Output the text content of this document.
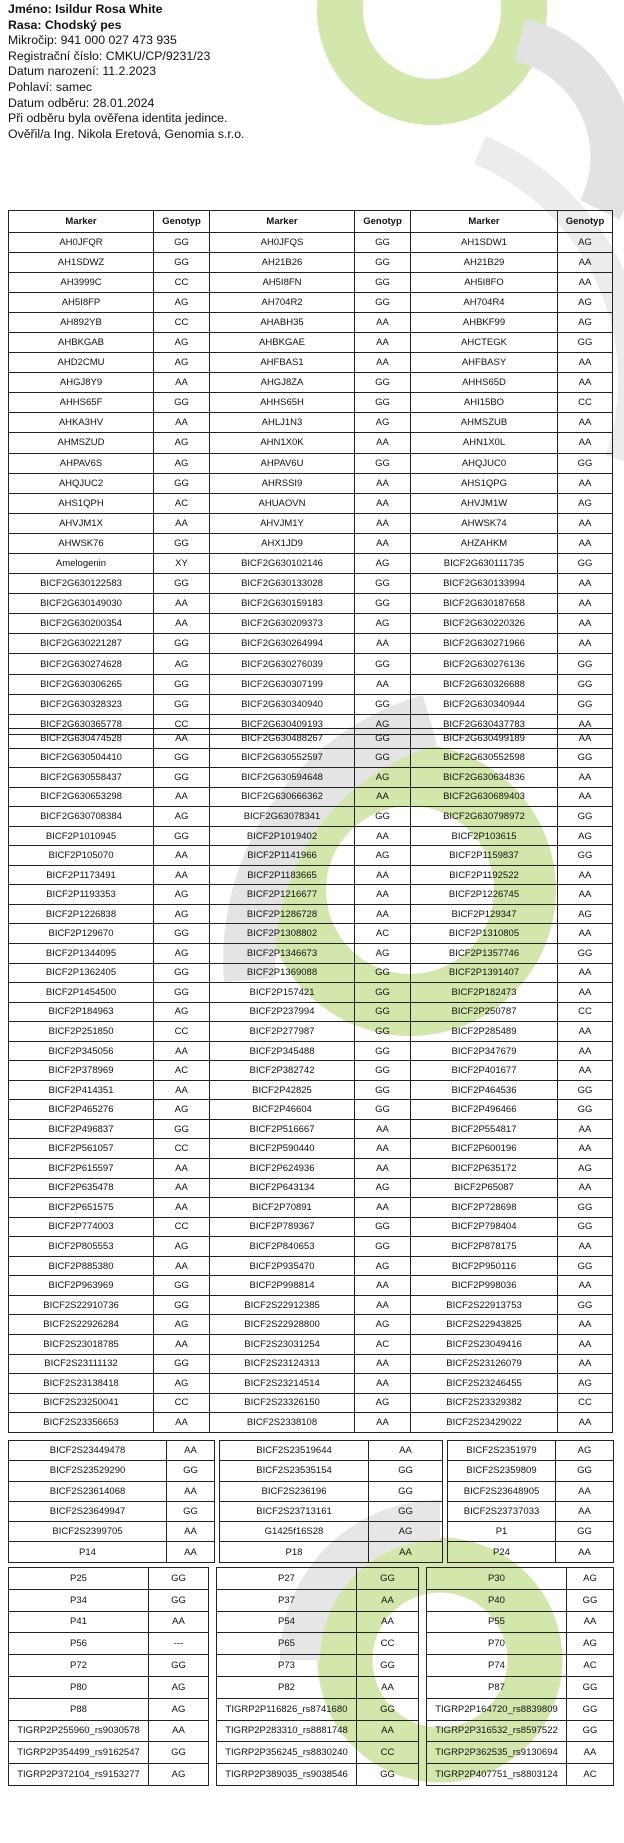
Jméno: Isildur Rosa White
Rasa: Chodský pes
Mikročip: 941 000 027 473 935
Registrační číslo: CMKU/CP/9231/23
Datum narození: 11.2.2023
Pohlaví: samec
Datum odběru: 28.01.2024
Při odběru byla ověřena identita jedince.
Ověřil/a Ing. Nikola Eretová, Genomia s.r.o.
Marker	Genotyp	Marker	Genotyp	Marker	Genotyp
AH0JFQR	GG	AH0JFQS	GG	AH1SDW1	AG
AH1SDWZ	GG	AH21B26	GG	AH21B29	AA
AH3999C	CC	AH5I8FN	GG	AH5I8FO	AA
AH5I8FP	AG	AH704R2	GG	AH704R4	AG
AH892YB	CC	AHABH35	AA	AHBKF99	AG
AHBKGAB	AG	AHBKGAE	AA	AHCTEGK	GG
AHD2CMU	AG	AHFBAS1	AA	AHFBASY	AA
AHGJ8Y9	AA	AHGJ8ZA	GG	AHHS65D	AA
AHHS65F	GG	AHHS65H	GG	AHI15BO	CC
AHKA3HV	AA	AHLJ1N3	AG	AHMSZUB	AA
AHMSZUD	AG	AHN1X0K	AA	AHN1X0L	AA
AHPAV6S	AG	AHPAV6U	GG	AHQJUC0	GG
AHQJUC2	GG	AHRSSI9	AA	AHS1QPG	AA
AHS1QPH	AC	AHUAOVN	AA	AHVJM1W	AG
AHVJM1X	AA	AHVJM1Y	AA	AHWSK74	AA
AHWSK76	GG	AHX1JD9	AA	AHZAHKM	AA
Amelogenin	XY	BICF2G630102146	AG	BICF2G630111735	GG
BICF2G630122583	GG	BICF2G630133028	GG	BICF2G630133994	AA
BICF2G630149030	AA	BICF2G630159183	GG	BICF2G630187658	AA
BICF2G630200354	AA	BICF2G630209373	AG	BICF2G630220326	AA
BICF2G630221287	GG	BICF2G630264994	AA	BICF2G630271966	AA
BICF2G630274628	AG	BICF2G630276039	GG	BICF2G630276136	GG
BICF2G630306265	GG	BICF2G630307199	AA	BICF2G630326688	GG
BICF2G630328323	GG	BICF2G630340940	GG	BICF2G630340944	GG
BICF2G630365778	CC	BICF2G630409193	AG	BICF2G630437783	AA
BICF2G630474528	AA	BICF2G630488267	GG	BICF2G630499189	AA
BICF2G630504410	GG	BICF2G630552597	GG	BICF2G630552598	GG
BICF2G630558437	GG	BICF2G630594648	AG	BICF2G630634836	AA
BICF2G630653298	AA	BICF2G630666362	AA	BICF2G630689403	AA
BICF2G630708384	AG	BICF2G63078341	GG	BICF2G630798972	GG
BICF2P1010945	GG	BICF2P1019402	AA	BICF2P103615	AG
BICF2P105070	AA	BICF2P1141966	AG	BICF2P1159837	GG
BICF2P1173491	AA	BICF2P1183665	AA	BICF2P1192522	AA
BICF2P1193353	AG	BICF2P1216677	AA	BICF2P1226745	AA
BICF2P1226838	AG	BICF2P1286728	AA	BICF2P129347	AG
BICF2P129670	GG	BICF2P1308802	AC	BICF2P1310805	AA
BICF2P1344095	AG	BICF2P1346673	AG	BICF2P1357746	GG
BICF2P1362405	GG	BICF2P1369088	GG	BICF2P1391407	AA
BICF2P1454500	GG	BICF2P157421	GG	BICF2P182473	AA
BICF2P184963	AG	BICF2P237994	GG	BICF2P250787	CC
BICF2P251850	CC	BICF2P277987	GG	BICF2P285489	AA
BICF2P345056	AA	BICF2P345488	GG	BICF2P347679	AA
BICF2P378969	AC	BICF2P382742	GG	BICF2P401677	AA
BICF2P414351	AA	BICF2P42825	GG	BICF2P464536	GG
BICF2P465276	AG	BICF2P46604	GG	BICF2P496466	GG
BICF2P496837	GG	BICF2P516667	AA	BICF2P554817	AA
BICF2P561057	CC	BICF2P590440	AA	BICF2P600196	AA
BICF2P615597	AA	BICF2P624936	AA	BICF2P635172	AG
BICF2P635478	AA	BICF2P643134	AG	BICF2P65087	AA
BICF2P651575	AA	BICF2P70891	AA	BICF2P728698	GG
BICF2P774003	CC	BICF2P789367	GG	BICF2P798404	GG
BICF2P805553	AG	BICF2P840653	GG	BICF2P878175	AA
BICF2P885380	AA	BICF2P935470	AG	BICF2P950116	GG
BICF2P963969	GG	BICF2P998814	AA	BICF2P998036	AA
BICF2S22910736	GG	BICF2S22912385	AA	BICF2S22913753	GG
BICF2S22926284	AG	BICF2S22928800	AG	BICF2S22943825	AA
BICF2S23018785	AA	BICF2S23031254	AC	BICF2S23049416	AA
BICF2S23111132	GG	BICF2S23124313	AA	BICF2S23126079	AA
BICF2S23138418	AG	BICF2S23214514	AA	BICF2S23246455	AG
BICF2S23250041	CC	BICF2S23326150	AG	BICF2S23329382	CC
BICF2S23356653	AA	BICF2S2338108	AA	BICF2S23429022	AA
BICF2S23449478	AA		BICF2S23519644	AA		BICF2S2351979	AG
BICF2S23529290	GG		BICF2S23535154	GG		BICF2S2359809	GG
BICF2S23614068	AA		BICF2S236196	GG		BICF2S23648905	AA
BICF2S23649947	GG		BICF2S23713161	GG		BICF2S23737033	AA
BICF2S2399705	AA		G1425f16S28	AG		P1	GG
P14	AA		P18	AA		P24	AA
P25	GG		P27	GG		P30	AG
P34	GG		P37	AA		P40	GG
P41	AA		P54	AA		P55	AA
P56	---		P65	CC		P70	AG
P72	GG		P73	GG		P74	AC
P80	AG		P82	AA		P87	GG
P88	AG		TIGRP2P116826_rs8741680	GG		TIGRP2P164720_rs8839809	GG
TIGRP2P255960_rs9030578	AA		TIGRP2P283310_rs8881748	AA		TIGRP2P316532_rs8597522	GG
TIGRP2P354499_rs9162547	GG		TIGRP2P356245_rs8830240	CC		TIGRP2P362535_rs9130694	AA
TIGRP2P372104_rs9153277	AG		TIGRP2P389035_rs9038546	GG		TIGRP2P407751_rs8803124	AC
